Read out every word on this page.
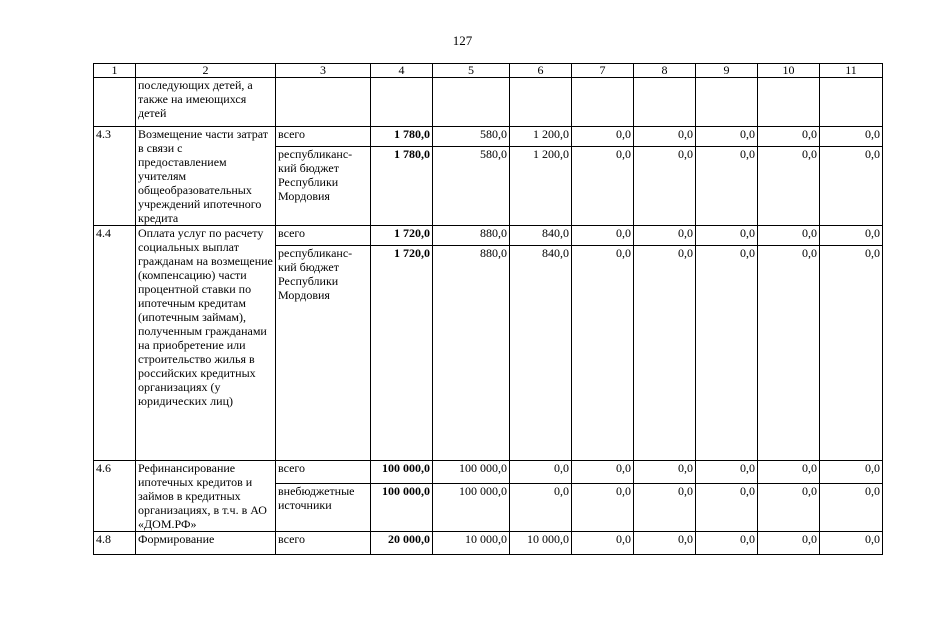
127
1	2	3	4	5	6	7	8	9	10	11
	последующих детей, а также на имеющихся детей									
4.3	Возмещение части затрат в связи с предоставлением учителям общеобразовательных учреждений ипотечного кредита	всего	1 780,0	580,0	1 200,0	0,0	0,0	0,0	0,0	0,0
		республиканс-кий бюджет Республики Мордовия	1 780,0	580,0	1 200,0	0,0	0,0	0,0	0,0	0,0
4.4	Оплата услуг по расчету социальных выплат гражданам на возмещение (компенсацию) части процентной ставки по ипотечным кредитам (ипотечным займам), полученным гражданами на приобретение или строительство жилья в российских кредитных организациях (у юридических лиц)	всего	1 720,0	880,0	840,0	0,0	0,0	0,0	0,0	0,0
		республиканс-кий бюджет Республики Мордовия	1 720,0	880,0	840,0	0,0	0,0	0,0	0,0	0,0
4.6	Рефинансирование ипотечных кредитов и займов в кредитных организациях, в т.ч. в АО «ДОМ.РФ»	всего	100 000,0	100 000,0	0,0	0,0	0,0	0,0	0,0	0,0
		внебюджетные источники	100 000,0	100 000,0	0,0	0,0	0,0	0,0	0,0	0,0
4.8	Формирование	всего	20 000,0	10 000,0	10 000,0	0,0	0,0	0,0	0,0	0,0
